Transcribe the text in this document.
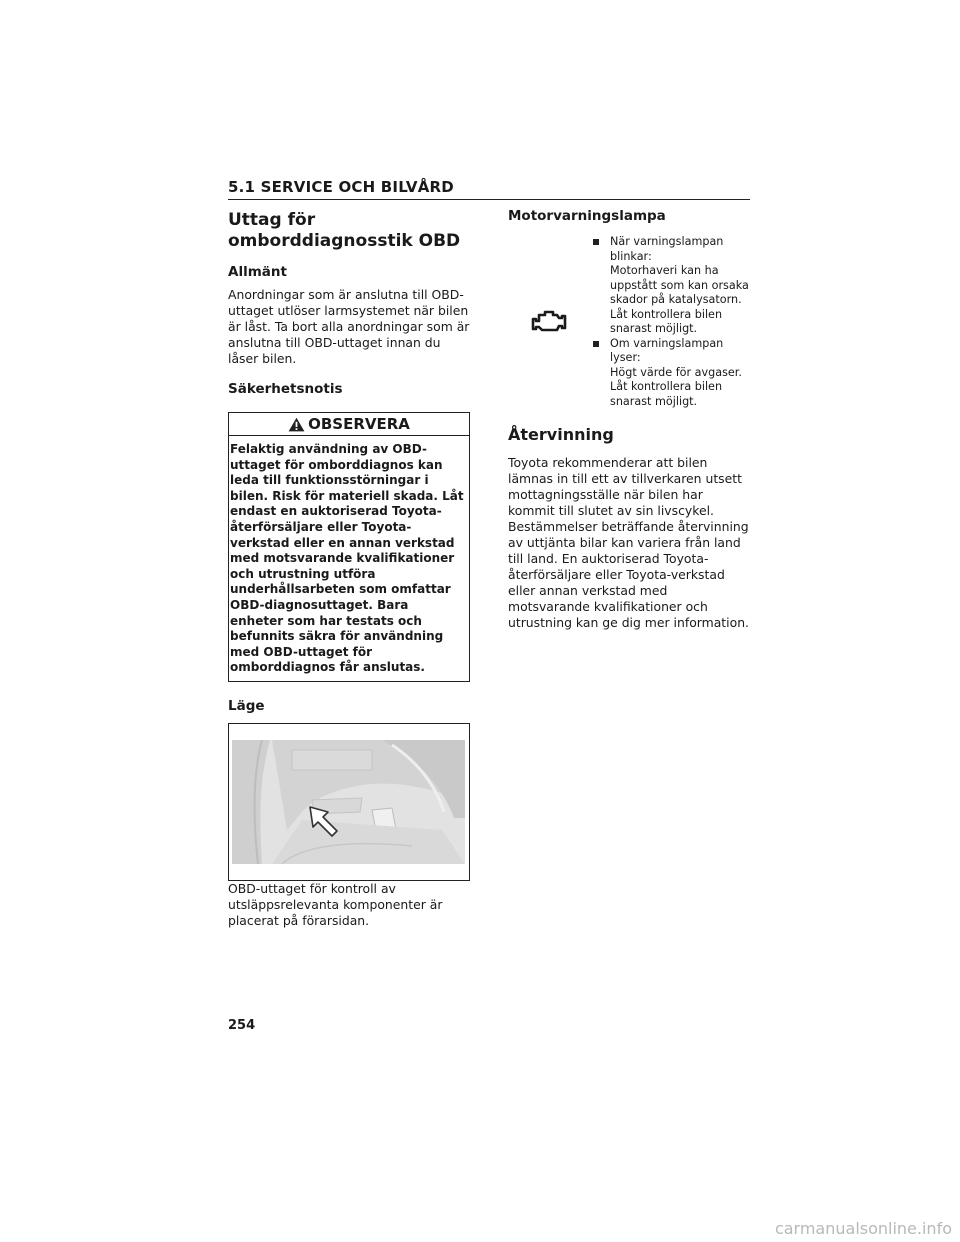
5.1 SERVICE OCH BILVÅRD
Uttag för omborddiagnosstik OBD
Allmänt

Anordningar som är anslutna till OBD-uttaget utlöser larmsystemet när bilen är låst. Ta bort alla anordningar som är anslutna till OBD-uttaget innan du låser bilen.

Säkerhetsnotis
OBSERVERA
Felaktig användning av OBD-uttaget för omborddiagnos kan leda till funktionsstörningar i bilen. Risk för materiell skada. Låt endast en auktoriserad Toyota-återförsäljare eller Toyota-verkstad eller en annan verkstad med motsvarande kvalifikationer och utrustning utföra underhållsarbeten som omfattar OBD-diagnosuttaget. Bara enheter som har testats och befunnits säkra för användning med OBD-uttaget för omborddiagnos får anslutas.
Läge

OBD-uttaget för kontroll av utsläppsrelevanta komponenter är placerat på förarsidan.

Motorvarningslampa
När varningslampan blinkar:
Motorhaveri kan ha uppstått som kan orsaka skador på katalysatorn.
Låt kontrollera bilen snarast möjligt.
Om varningslampan lyser:
Högt värde för avgaser.
Låt kontrollera bilen snarast möjligt.
Återvinning

Toyota rekommenderar att bilen lämnas in till ett av tillverkaren utsett mottagningsställe när bilen har kommit till slutet av sin livscykel. Bestämmelser beträffande återvinning av uttjänta bilar kan variera från land till land. En auktoriserad Toyota-återförsäljare eller Toyota-verkstad eller annan verkstad med motsvarande kvalifikationer och utrustning kan ge dig mer information.

254
carmanualsonline.info
